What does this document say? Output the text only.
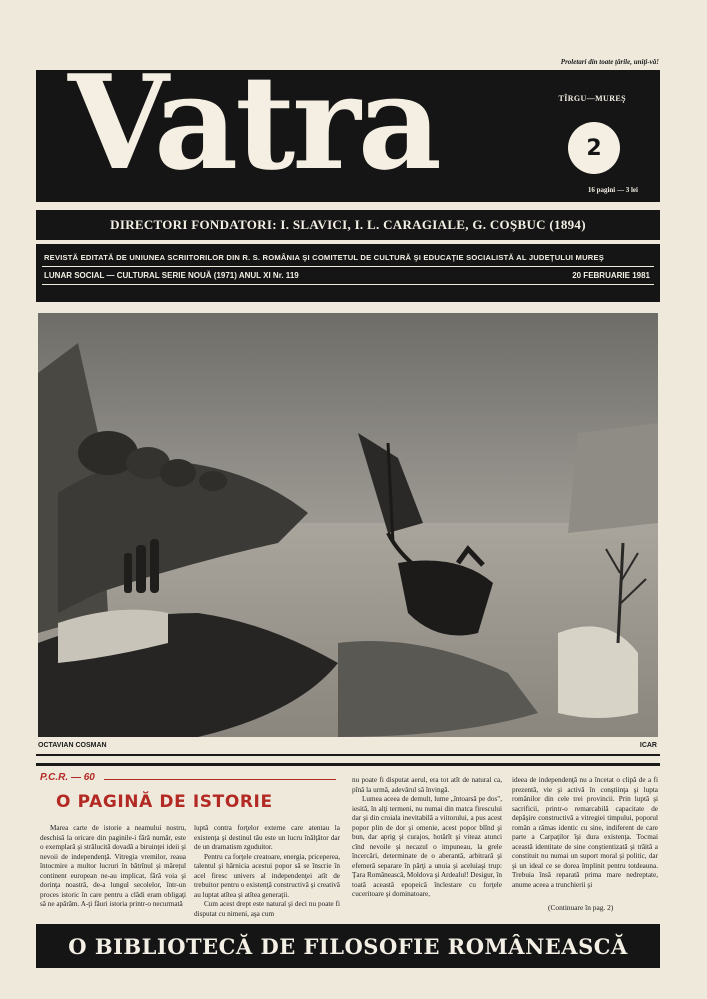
Proletari din toate ţările, uniţi-vă!
Vatra	TÎRGU—MUREŞ
2
16 pagini — 3 lei
DIRECTORI FONDATORI: I. SLAVICI, I. L. CARAGIALE, G. COŞBUC (1894)
REVISTĂ EDITATĂ DE UNIUNEA SCRIITORILOR DIN R. S. ROMÂNIA ŞI COMITETUL DE CULTURĂ ŞI EDUCAŢIE SOCIALISTĂ AL JUDEŢULUI MUREŞ
LUNAR SOCIAL — CULTURAL SERIE NOUĂ (1971) ANUL XI Nr. 119	20 FEBRUARIE 1981
OCTAVIAN COSMAN	ICAR
P.C.R. — 60
O PAGINĂ DE ISTORIE

Marea carte de istorie a neamului nostru, deschisă la oricare din paginile-i fără număr, este o exemplară şi strălucită dovadă a biruinţei ideii şi nevoii de independenţă. Vitregia vremilor, reaua întocmire a multor lucruri în bătrînul şi mărețul continent european ne-au implicat, fără voia şi dorinţa noastră, de-a lungul secolelor, într-un proces istoric în care pentru a clădi eram obligaţi să ne apărăm. A-ţi făuri istoria printr-o necurmată

luptă contra forţelor externe care atentau la existenţa şi destinul tău este un lucru înălţător dar de un dramatism zguduitor.

Pentru ca forţele creatoare, energia, priceperea, talentul şi hărnicia acestui popor să se înscrie în acel firesc univers al independenţei atît de trebuitor pentru o existenţă constructivă şi creativă au luptat atîtea şi atîtea generaţii.

Cum acest drept este natural şi deci nu poate fi disputat cu nimeni, aşa cum

nu poate fi disputat aerul, era tot atît de natural ca, pînă la urmă, adevărul să învingă.

Lumea aceea de demult, lume „întoarsă pe dos", iesită, în alţi termeni, nu numai din matca firescului dar şi din croiala inevitabilă a viitorului, a pus acest popor plin de dor şi omenie, acest popor blînd şi bun, dar aprig şi curajos, hotărît şi viteaz atunci cînd nevoile şi necazul o impuneau, la grele încercări, determinate de o aberantă, arbitrară şi efemeră separare în părţi a unuia şi aceluiaşi trup: Ţara Românească, Moldova şi Ardealul! Desigur, în toată această epopeică înclestare cu forţele cuceritoare şi dominatoare,

ideea de independenţă nu a încetat o clipă de a fi prezentă, vie şi activă în conştiinţa şi lupta românilor din cele trei provincii. Prin luptă şi sacrificii, printr-o remarcabilă capacitate de depăşire constructivă a vitregiei timpului, poporul român a rămas identic cu sine, indiferent de care parte a Carpaţilor îşi dura existenţa. Tocmai această identitate de sine conştientizată şi trăită a constituit nu numai un suport moral şi politic, dar şi un ideal ce se dorea împlinit pentru totdeauna. Trebuia însă reparată prima mare nedreptate, anume aceea a trunchierii şi

(Continuare în pag. 2)
O BIBLIOTECĂ DE FILOSOFIE ROMÂNEASCĂ
